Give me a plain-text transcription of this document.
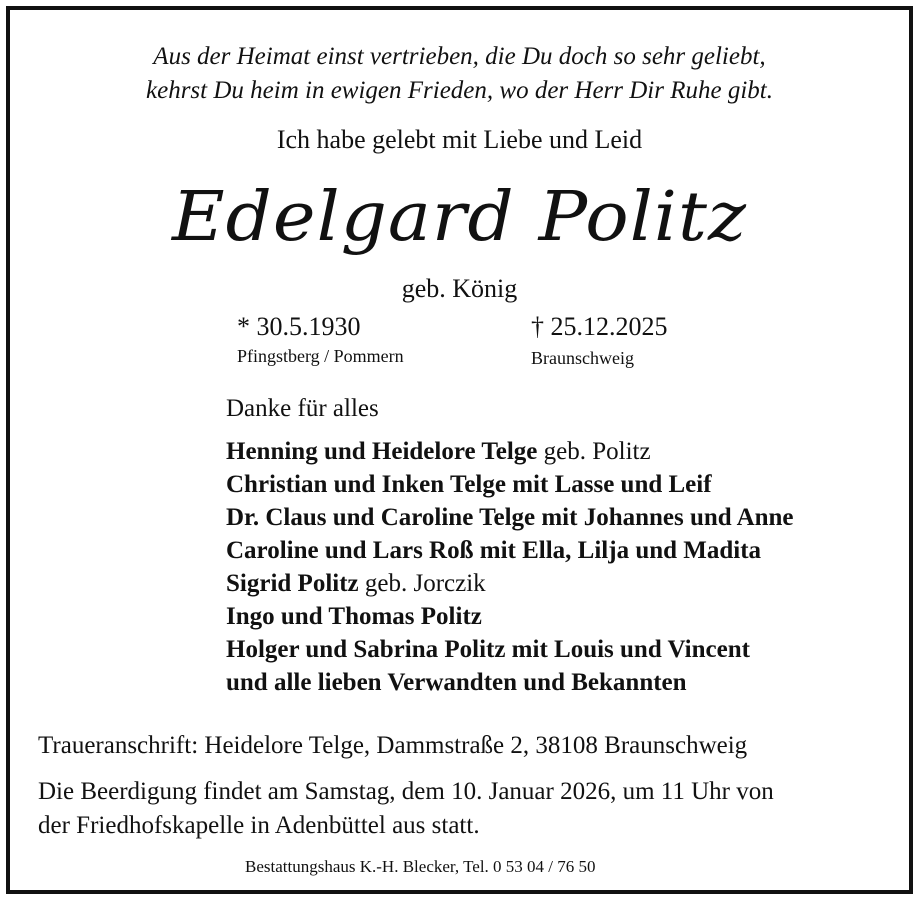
Aus der Heimat einst vertrieben, die Du doch so sehr geliebt,
kehrst Du heim in ewigen Frieden, wo der Herr Dir Ruhe gibt.
Ich habe gelebt mit Liebe und Leid
Edelgard Politz
geb. König
* 30.5.1930
Pfingstberg / Pommern
† 25.12.2025
Braunschweig
Danke für alles
Henning und Heidelore Telge geb. Politz
Christian und Inken Telge mit Lasse und Leif
Dr. Claus und Caroline Telge mit Johannes und Anne
Caroline und Lars Roß mit Ella, Lilja und Madita
Sigrid Politz geb. Jorczik
Ingo und Thomas Politz
Holger und Sabrina Politz mit Louis und Vincent
und alle lieben Verwandten und Bekannten
Traueranschrift: Heidelore Telge, Dammstraße 2, 38108 Braunschweig
Die Beerdigung findet am Samstag, dem 10. Januar 2026, um 11 Uhr von
der Friedhofskapelle in Adenbüttel aus statt.
Bestattungshaus K.-H. Blecker, Tel. 0 53 04 / 76 50
